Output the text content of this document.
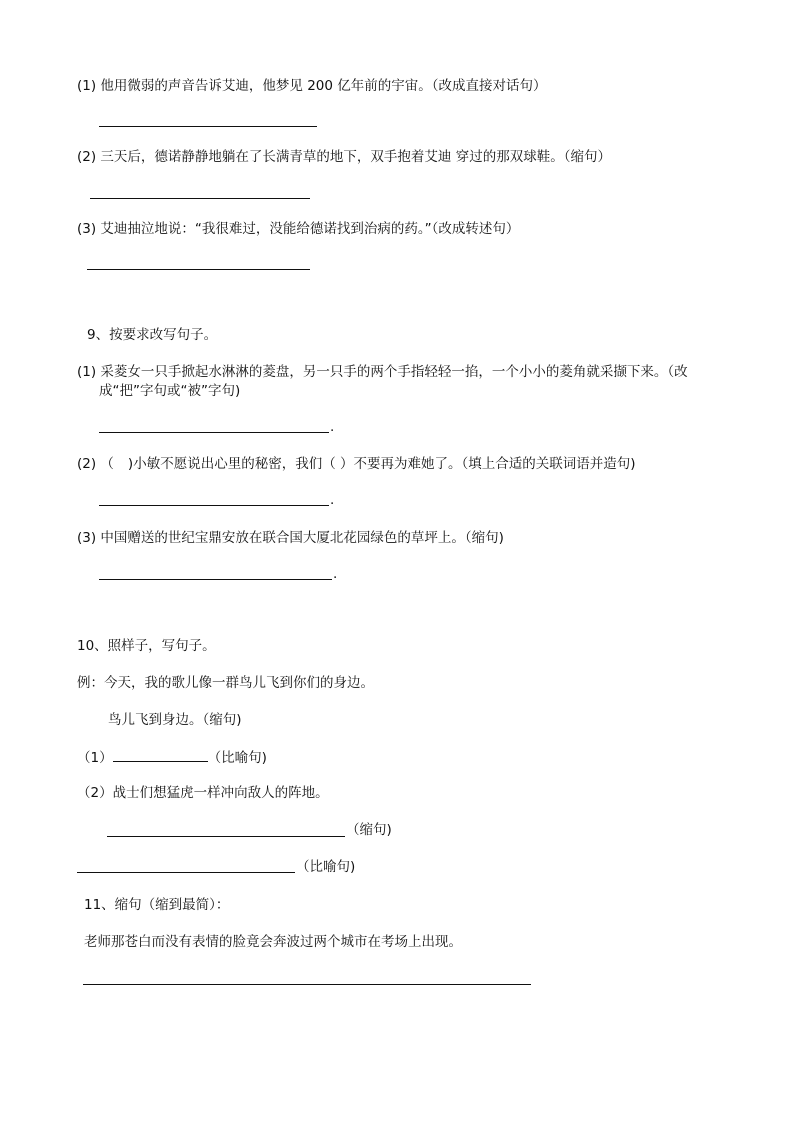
(1) 他用微弱的声音告诉艾迪，他梦见 200 亿年前的宇宙。（改成直接对话句）
(2) 三天后，德诺静静地躺在了长满青草的地下，双手抱着艾迪 穿过的那双球鞋。（缩句）
(3) 艾迪抽泣地说：“我很难过，没能给德诺找到治病的药。”（改成转述句）
9、按要求改写句子。
(1) 采菱女一只手掀起水淋淋的菱盘，另一只手的两个手指轻轻一掐，一个小小的菱角就采撷下来。（改
成“把”字句或“被”字句)
.
(2) （ )小敏不愿说出心里的秘密，我们（ ）不要再为难她了。（填上合适的关联词语并造句)
.
(3) 中国赠送的世纪宝鼎安放在联合国大厦北花园绿色的草坪上。（缩句)
.
10、照样子，写句子。
例：今天，我的歌儿像一群鸟儿飞到你们的身边。
鸟儿飞到身边。（缩句)
（1）	（比喻句)
（2）战士们想猛虎一样冲向敌人的阵地。
（缩句)
（比喻句)
11、缩句（缩到最简）：
老师那苍白而没有表情的脸竟会奔波过两个城市在考场上出现。
